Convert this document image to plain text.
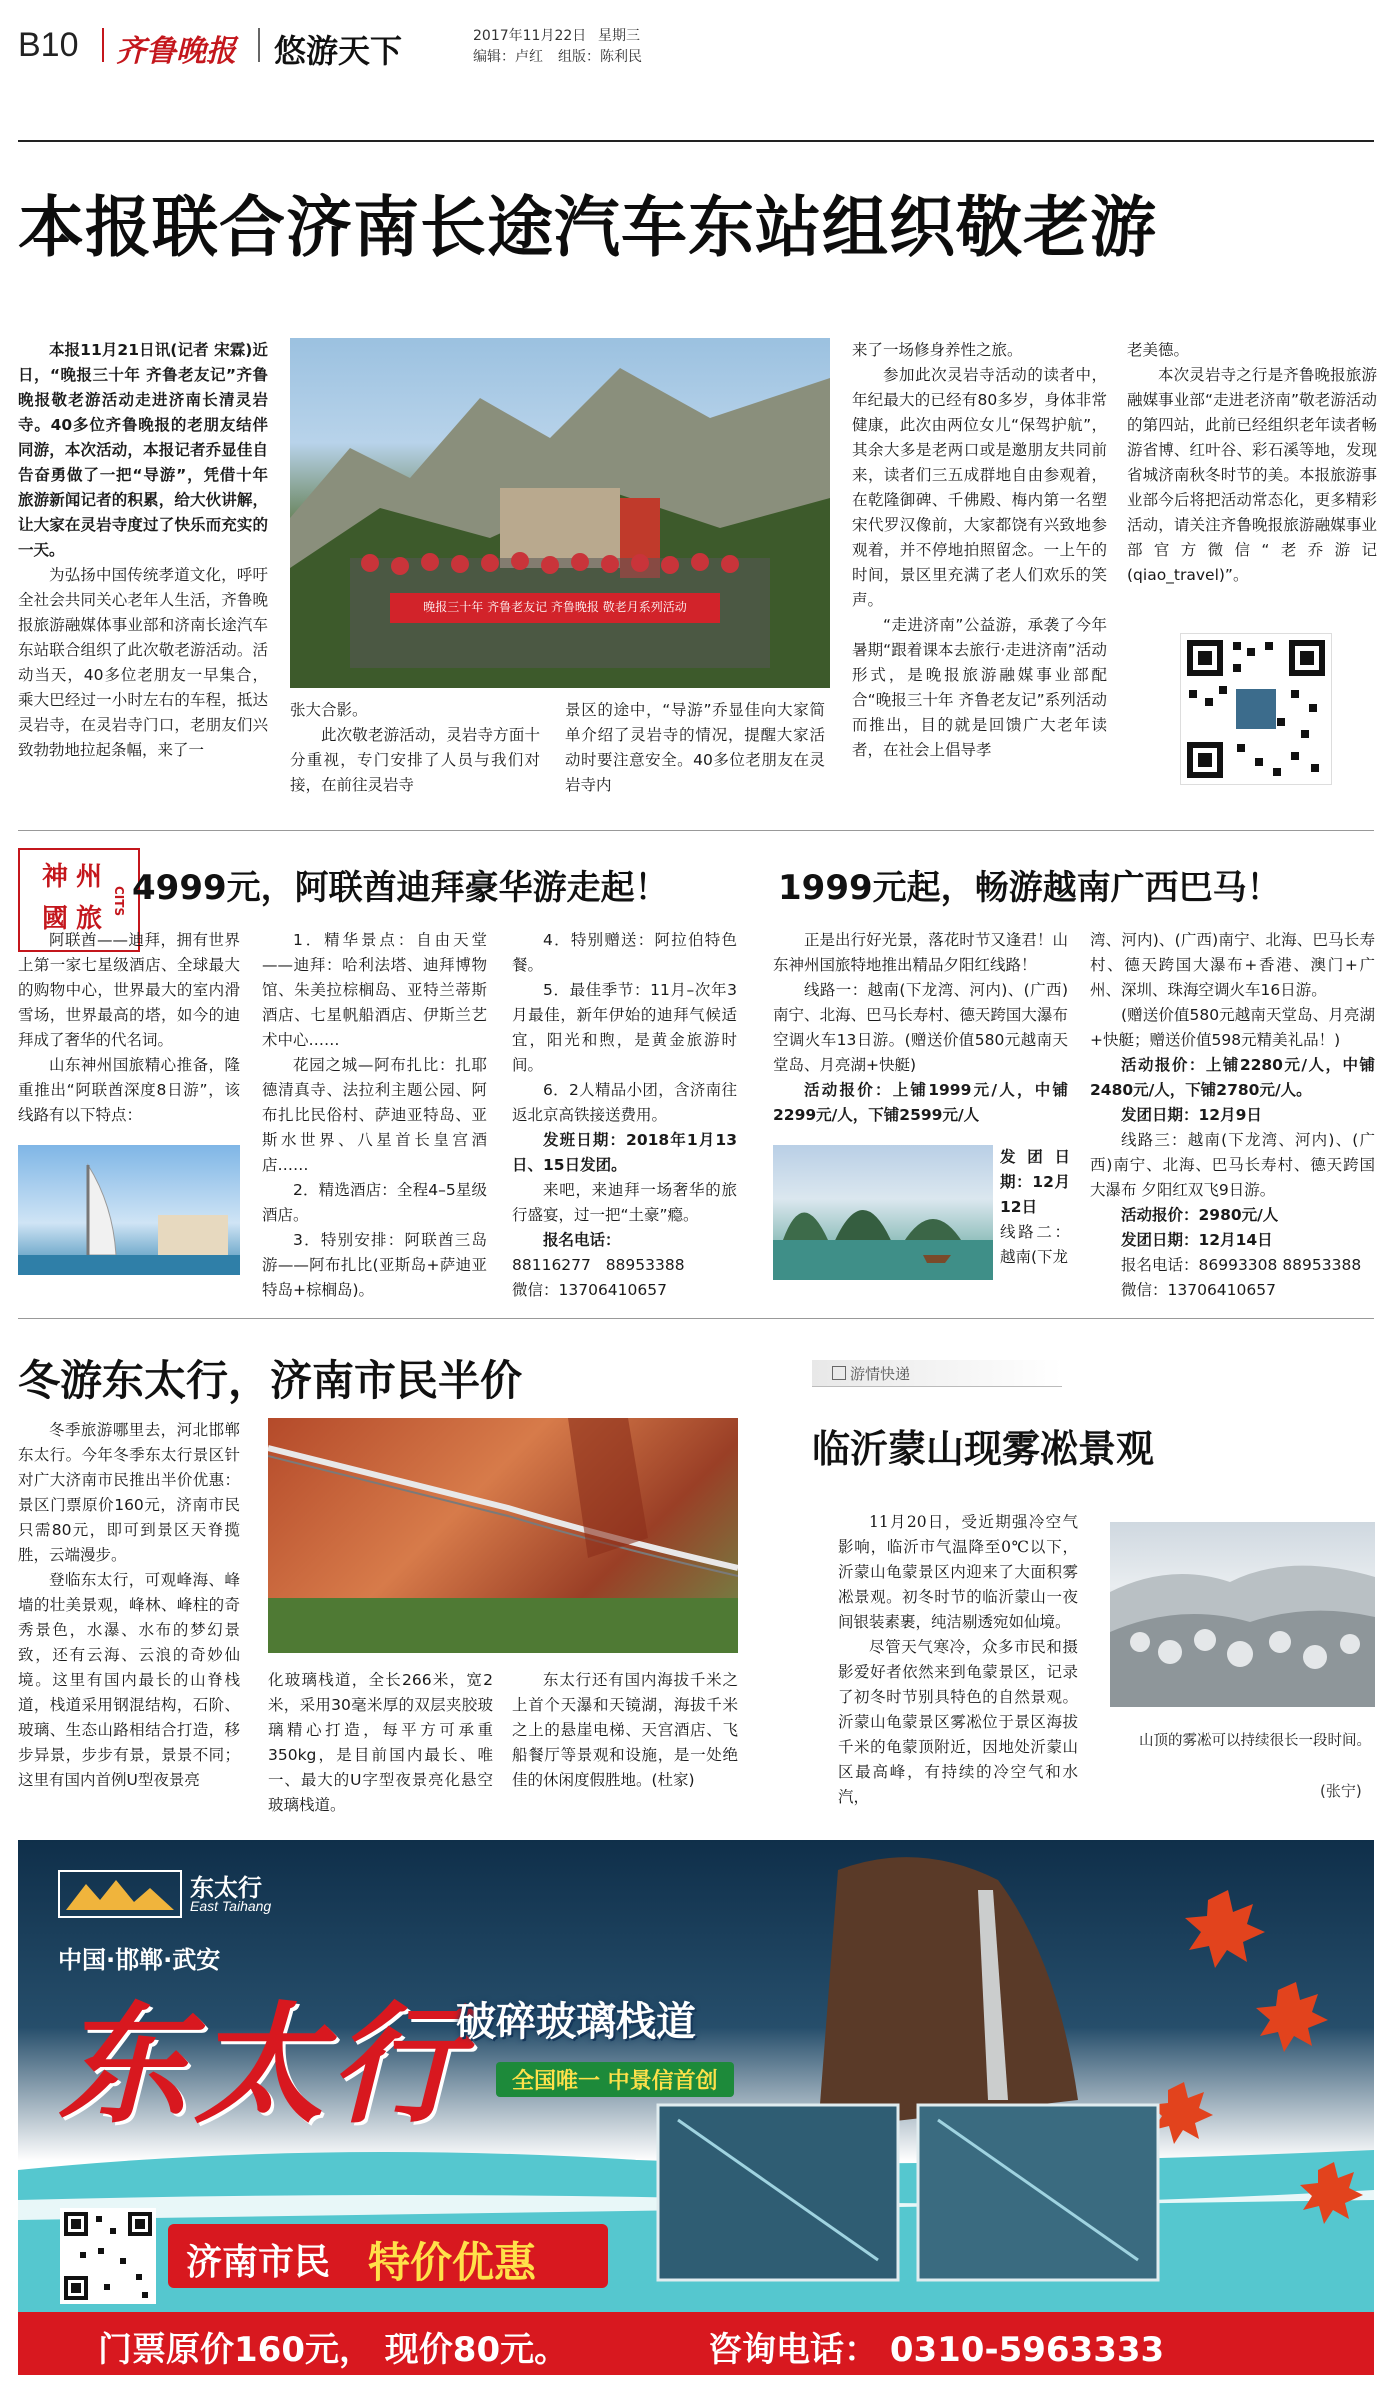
B10 齐鲁晚报 悠游天下	2017年11月22日 星期三
编辑：卢红 组版：陈利民
本报联合济南长途汽车东站组织敬老游

本报11月21日讯(记者 宋霖)近日，“晚报三十年 齐鲁老友记”齐鲁晚报敬老游活动走进济南长清灵岩寺。40多位齐鲁晚报的老朋友结伴同游，本次活动，本报记者乔显佳自告奋勇做了一把“导游”，凭借十年旅游新闻记者的积累，给大伙讲解，让大家在灵岩寺度过了快乐而充实的一天。

为弘扬中国传统孝道文化，呼吁全社会共同关心老年人生活，齐鲁晚报旅游融媒体事业部和济南长途汽车东站联合组织了此次敬老游活动。活动当天，40多位老朋友一早集合，乘大巴经过一小时左右的车程，抵达灵岩寺，在灵岩寺门口，老朋友们兴致勃勃地拉起条幅，来了一

晚报三十年 齐鲁老友记 齐鲁晚报 敬老月系列活动

张大合影。

此次敬老游活动，灵岩寺方面十分重视，专门安排了人员与我们对接，在前往灵岩寺

景区的途中，“导游”乔显佳向大家简单介绍了灵岩寺的情况，提醒大家活动时要注意安全。40多位老朋友在灵岩寺内

来了一场修身养性之旅。

参加此次灵岩寺活动的读者中，年纪最大的已经有80多岁，身体非常健康，此次由两位女儿“保驾护航”，其余大多是老两口或是邀朋友共同前来，读者们三五成群地自由参观着，在乾隆御碑、千佛殿、梅内第一名塑宋代罗汉像前，大家都饶有兴致地参观着，并不停地拍照留念。一上午的时间，景区里充满了老人们欢乐的笑声。

“走进济南”公益游，承袭了今年暑期“跟着课本去旅行·走进济南”活动形式，是晚报旅游融媒事业部配合“晚报三十年 齐鲁老友记”系列活动而推出，目的就是回馈广大老年读者，在社会上倡导孝

老美德。

本次灵岩寺之行是齐鲁晚报旅游融媒事业部“走进老济南”敬老游活动的第四站，此前已经组织老年读者畅游省博、红叶谷、彩石溪等地，发现省城济南秋冬时节的美。本报旅游事业部今后将把活动常态化，更多精彩活动，请关注齐鲁晚报旅游融媒事业部官方微信“老乔游记(qiao_travel)”。

神 州
國 旅
CITS 4999元，阿联酋迪拜豪华游走起！	1999元起，畅游越南广西巴马！

阿联酋——迪拜，拥有世界上第一家七星级酒店、全球最大的购物中心，世界最大的室内滑雪场，世界最高的塔，如今的迪拜成了奢华的代名词。

山东神州国旅精心推备，隆重推出“阿联酋深度8日游”，该线路有以下特点：

1．精华景点：自由天堂——迪拜：哈利法塔、迪拜博物馆、朱美拉棕榈岛、亚特兰蒂斯酒店、七星帆船酒店、伊斯兰艺术中心……

花园之城—阿布扎比：扎耶德清真寺、法拉利主题公园、阿布扎比民俗村、萨迪亚特岛、亚斯水世界、八星首长皇宫酒店……

2．精选酒店：全程4–5星级酒店。

3．特别安排：阿联酋三岛游——阿布扎比(亚斯岛+萨迪亚特岛+棕榈岛)。

4．特别赠送：阿拉伯特色餐。

5．最佳季节：11月–次年3月最佳，新年伊始的迪拜气候适宜，阳光和煦，是黄金旅游时间。

6．2人精品小团，含济南往返北京高铁接送费用。

发班日期：2018年1月13日、15日发团。

来吧，来迪拜一场奢华的旅行盛宴，过一把“土豪”瘾。

报名电话：

88116277 88953388

微信：13706410657

正是出行好光景，落花时节又逢君！山东神州国旅特地推出精品夕阳红线路！

线路一：越南(下龙湾、河内)、(广西)南宁、北海、巴马长寿村、德天跨国大瀑布空调火车13日游。(赠送价值580元越南天堂岛、月亮湖+快艇)

活动报价：上铺1999元/人，中铺2299元/人，下铺2599元/人

发团日期：12月12日

线路二：越南(下龙

湾、河内)、(广西)南宁、北海、巴马长寿村、德天跨国大瀑布+香港、澳门+广州、深圳、珠海空调火车16日游。

(赠送价值580元越南天堂岛、月亮湖+快艇；赠送价值598元精美礼品！)

活动报价：上铺2280元/人，中铺2480元/人，下铺2780元/人。

发团日期：12月9日

线路三：越南(下龙湾、河内)、(广西)南宁、北海、巴马长寿村、德天跨国大瀑布 夕阳红双飞9日游。

活动报价：2980元/人

发团日期：12月14日

报名电话：86993308 88953388

微信：13706410657

冬游东太行，济南市民半价

冬季旅游哪里去，河北邯郸东太行。今年冬季东太行景区针对广大济南市民推出半价优惠：景区门票原价160元，济南市民只需80元，即可到景区天脊揽胜，云端漫步。

登临东太行，可观峰海、峰墙的壮美景观，峰林、峰柱的奇秀景色，水瀑、水布的梦幻景致，还有云海、云浪的奇妙仙境。这里有国内最长的山脊栈道，栈道采用钢混结构，石阶、玻璃、生态山路相结合打造，移步异景，步步有景，景景不同；这里有国内首例U型夜景亮

化玻璃栈道，全长266米，宽2米，采用30毫米厚的双层夹胶玻璃精心打造，每平方可承重350kg，是目前国内最长、唯一、最大的U字型夜景亮化悬空玻璃栈道。

东太行还有国内海拔千米之上首个天瀑和天镜湖，海拔千米之上的悬崖电梯、天宫酒店、飞船餐厅等景观和设施，是一处绝佳的休闲度假胜地。(杜家)

游情快递
临沂蒙山现雾凇景观

11月20日，受近期强冷空气影响，临沂市气温降至0℃以下，沂蒙山龟蒙景区内迎来了大面积雾凇景观。初冬时节的临沂蒙山一夜间银装素裹，纯洁剔透宛如仙境。

尽管天气寒冷，众多市民和摄影爱好者依然来到龟蒙景区，记录了初冬时节别具特色的自然景观。沂蒙山龟蒙景区雾凇位于景区海拔千米的龟蒙顶附近，因地处沂蒙山区最高峰，有持续的冷空气和水汽，

山顶的雾凇可以持续很长一段时间。

(张宁)
东太行
East Taihang
中国·邯郸·武安
东太行
破碎玻璃栈道
全国唯一 中景信首创
济南市民 特价优惠
门票原价160元， 现价80元。	咨询电话： 0310-5963333
